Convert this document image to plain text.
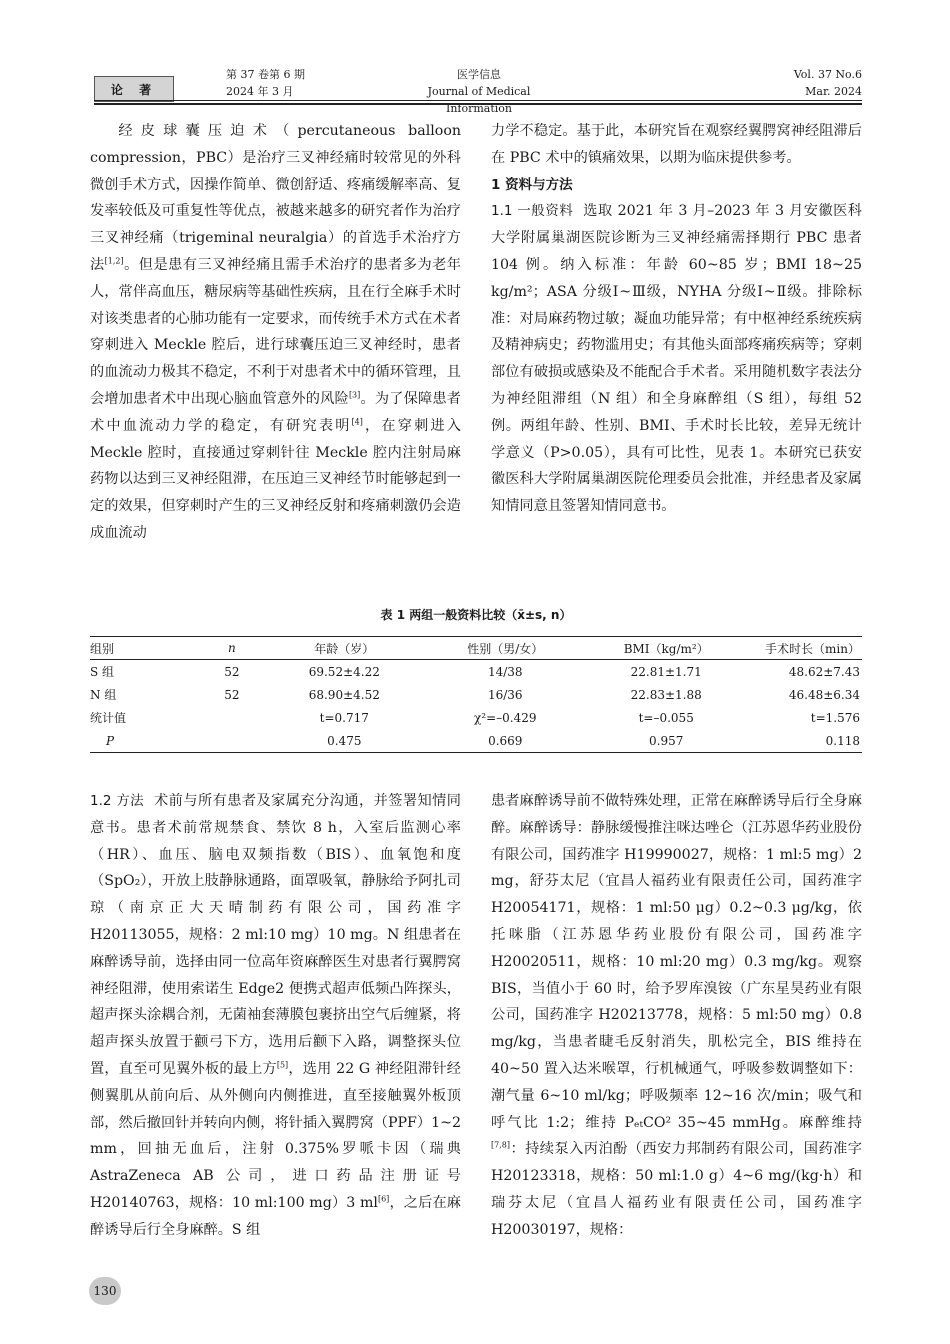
论 著
第 37 卷第 6 期
2024 年 3 月
医学信息
Journal of Medical Information
Vol. 37 No.6
Mar. 2024

经皮球囊压迫术（percutaneous balloon compression，PBC）是治疗三叉神经痛时较常见的外科微创手术方式，因操作简单、微创舒适、疼痛缓解率高、复发率较低及可重复性等优点，被越来越多的研究者作为治疗三叉神经痛（trigeminal neuralgia）的首选手术治疗方法[1,2]。但是患有三叉神经痛且需手术治疗的患者多为老年人，常伴高血压，糖尿病等基础性疾病，且在行全麻手术时对该类患者的心肺功能有一定要求，而传统手术方式在术者穿刺进入 Meckle 腔后，进行球囊压迫三叉神经时，患者的血流动力极其不稳定，不利于对患者术中的循环管理，且会增加患者术中出现心脑血管意外的风险[3]。为了保障患者术中血流动力学的稳定，有研究表明[4]，在穿刺进入 Meckle 腔时，直接通过穿刺针往 Meckle 腔内注射局麻药物以达到三叉神经阻滞，在压迫三叉神经节时能够起到一定的效果，但穿刺时产生的三叉神经反射和疼痛刺激仍会造成血流动

力学不稳定。基于此，本研究旨在观察经翼腭窝神经阻滞后在 PBC 术中的镇痛效果，以期为临床提供参考。

1 资料与方法

1.1 一般资料 选取 2021 年 3 月–2023 年 3 月安徽医科大学附属巢湖医院诊断为三叉神经痛需择期行 PBC 患者 104 例。纳入标准：年龄 60~85 岁；BMI 18~25 kg/m²；ASA 分级Ⅰ~Ⅲ级，NYHA 分级Ⅰ~Ⅱ级。排除标准：对局麻药物过敏；凝血功能异常；有中枢神经系统疾病及精神病史；药物滥用史；有其他头面部疼痛疾病等；穿刺部位有破损或感染及不能配合手术者。采用随机数字表法分为神经阻滞组（N 组）和全身麻醉组（S 组），每组 52 例。两组年龄、性别、BMI、手术时长比较，差异无统计学意义（P>0.05），具有可比性，见表 1。本研究已获安徽医科大学附属巢湖医院伦理委员会批准，并经患者及家属知情同意且签署知情同意书。

表 1 两组一般资料比较（x̄±s, n）
组别	n	年龄（岁）	性别（男/女）	BMI（kg/m²）	手术时长（min）
S 组	52	69.52±4.22	14/38	22.81±1.71	48.62±7.43
N 组	52	68.90±4.52	16/36	22.83±1.88	46.48±6.34
统计值		t=0.717	χ²=–0.429	t=–0.055	t=1.576
P		0.475	0.669	0.957	0.118

1.2 方法 术前与所有患者及家属充分沟通，并签署知情同意书。患者术前常规禁食、禁饮 8 h，入室后监测心率（HR）、血压、脑电双频指数（BIS）、血氧饱和度（SpO₂），开放上肢静脉通路，面罩吸氧，静脉给予阿扎司琼（南京正大天晴制药有限公司，国药准字 H20113055，规格：2 ml:10 mg）10 mg。N 组患者在麻醉诱导前，选择由同一位高年资麻醉医生对患者行翼腭窝神经阻滞，使用索诺生 Edge2 便携式超声低频凸阵探头，超声探头涂耦合剂，无菌袖套薄膜包裹挤出空气后缠紧，将超声探头放置于颧弓下方，选用后颧下入路，调整探头位置，直至可见翼外板的最上方[5]，选用 22 G 神经阻滞针经侧翼肌从前向后、从外侧向内侧推进，直至接触翼外板顶部，然后撤回针并转向内侧，将针插入翼腭窝（PPF）1~2 mm，回抽无血后，注射 0.375%罗哌卡因（瑞典 AstraZeneca AB 公司，进口药品注册证号 H20140763，规格：10 ml:100 mg）3 ml[6]，之后在麻醉诱导后行全身麻醉。S 组

患者麻醉诱导前不做特殊处理，正常在麻醉诱导后行全身麻醉。麻醉诱导：静脉缓慢推注咪达唑仑（江苏恩华药业股份有限公司，国药准字 H19990027，规格：1 ml:5 mg）2 mg，舒芬太尼（宜昌人福药业有限责任公司，国药准字 H20054171，规格：1 ml:50 μg）0.2~0.3 μg/kg，依托咪脂（江苏恩华药业股份有限公司，国药准字 H20020511，规格：10 ml:20 mg）0.3 mg/kg。观察 BIS，当值小于 60 时，给予罗库溴铵（广东星昊药业有限公司，国药准字 H20213778，规格：5 ml:50 mg）0.8 mg/kg，当患者睫毛反射消失，肌松完全，BIS 维持在 40~50 置入达米喉罩，行机械通气，呼吸参数调整如下：潮气量 6~10 ml/kg；呼吸频率 12~16 次/min；吸气和呼气比 1:2；维持 PₑₜCO² 35~45 mmHg。麻醉维持[7,8]：持续泵入丙泊酚（西安力邦制药有限公司，国药准字 H20123318，规格：50 ml:1.0 g）4~6 mg/(kg·h）和瑞芬太尼（宜昌人福药业有限责任公司，国药准字 H20030197，规格：

130
